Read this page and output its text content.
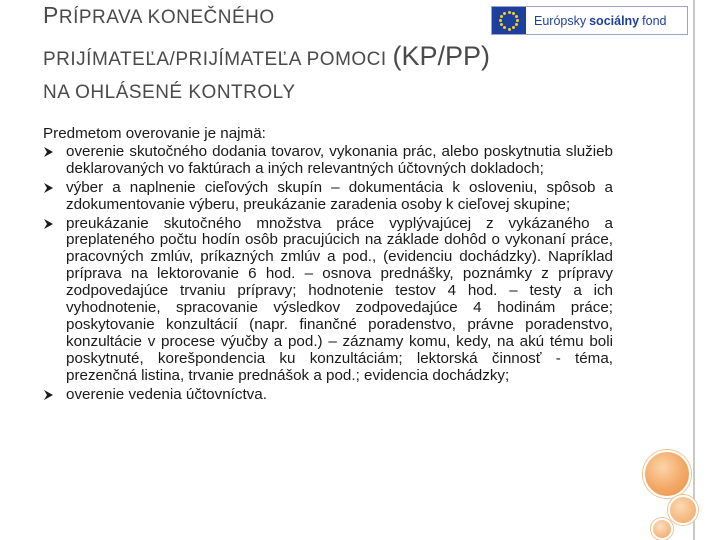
PRÍPRAVA KONEČNÉHO
PRIJÍMATEĽA/PRIJÍMATEĽA POMOCI (KP/PP)
NA OHLÁSENÉ KONTROLY
Európsky sociálny fond
Predmetom overovanie je najmä:
overenie skutočného dodania tovarov, vykonania prác, alebo poskytnutia služieb deklarovaných vo faktúrach a iných relevantných účtovných dokladoch;
výber a naplnenie cieľových skupín – dokumentácia k osloveniu, spôsob a zdokumentovanie výberu, preukázanie zaradenia osoby k cieľovej skupine;
preukázanie skutočného množstva práce vyplývajúcej z vykázaného a preplateného počtu hodín osôb pracujúcich na základe dohôd o vykonaní práce, pracovných zmlúv, príkazných zmlúv a pod., (evidenciu dochádzky). Napríklad príprava na lektorovanie 6 hod. – osnova prednášky, poznámky z prípravy zodpovedajúce trvaniu prípravy; hodnotenie testov 4 hod. – testy a ich vyhodnotenie, spracovanie výsledkov zodpovedajúce 4 hodinám práce; poskytovanie konzultácií (napr. finančné poradenstvo, právne poradenstvo, konzultácie v procese výučby a pod.) – záznamy komu, kedy, na akú tému boli poskytnuté, korešpondencia ku konzultáciám; lektorská činnosť - téma, prezenčná listina, trvanie prednášok a pod.; evidencia dochádzky;
overenie vedenia účtovníctva.
